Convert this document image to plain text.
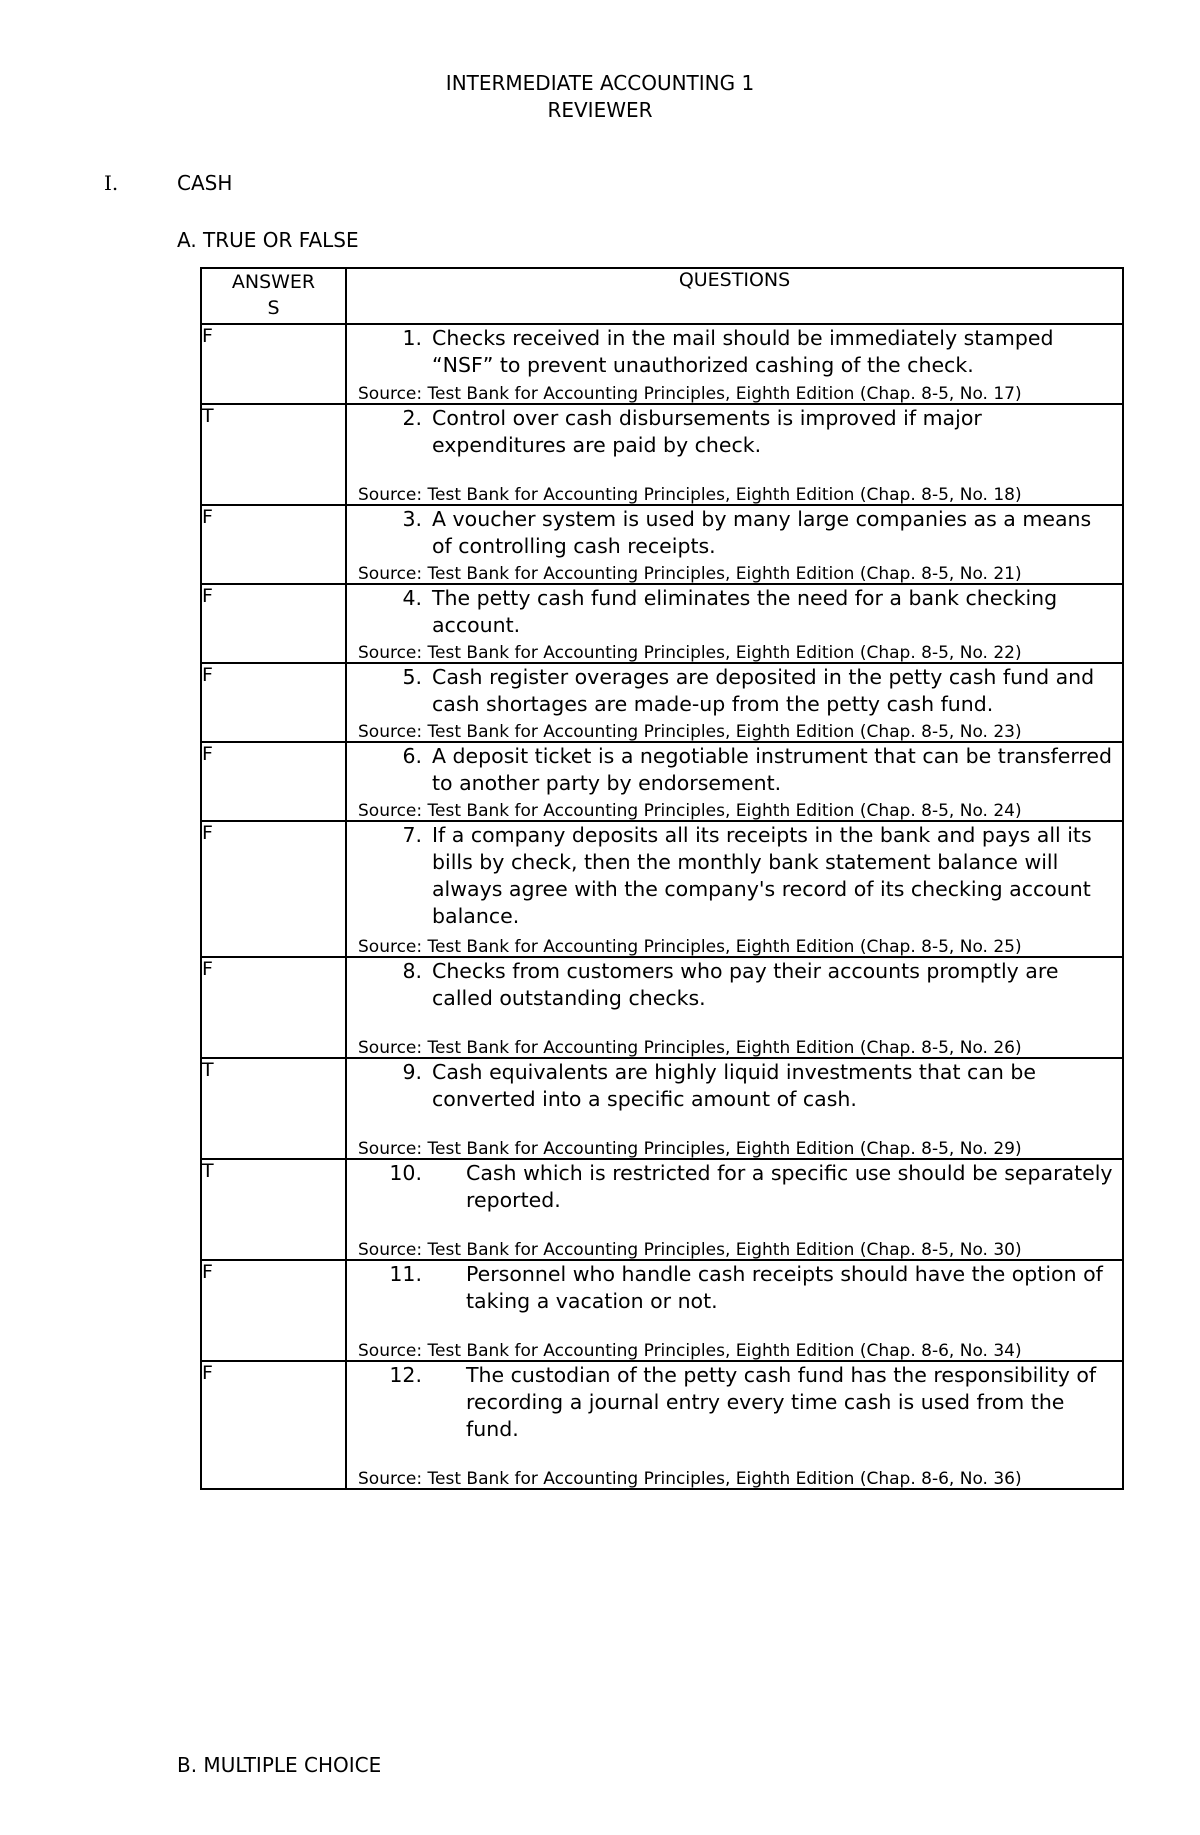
INTERMEDIATE ACCOUNTING 1
REVIEWER
I.	CASH
A. TRUE OR FALSE
ANSWER
S	QUESTIONS
F	1. Checks received in the mail should be immediately stamped “NSF” to prevent unauthorized cashing of the check.
Source: Test Bank for Accounting Principles, Eighth Edition (Chap. 8-5, No. 17)

T	2. Control over cash disbursements is improved if major expenditures are paid by check.
Source: Test Bank for Accounting Principles, Eighth Edition (Chap. 8-5, No. 18)

F	3. A voucher system is used by many large companies as a means of controlling cash receipts.
Source: Test Bank for Accounting Principles, Eighth Edition (Chap. 8-5, No. 21)

F	4. The petty cash fund eliminates the need for a bank checking account.
Source: Test Bank for Accounting Principles, Eighth Edition (Chap. 8-5, No. 22)

F	5. Cash register overages are deposited in the petty cash fund and cash shortages are made-up from the petty cash fund.
Source: Test Bank for Accounting Principles, Eighth Edition (Chap. 8-5, No. 23)

F	6. A deposit ticket is a negotiable instrument that can be transferred to another party by endorsement.
Source: Test Bank for Accounting Principles, Eighth Edition (Chap. 8-5, No. 24)

F	7. If a company deposits all its receipts in the bank and pays all its bills by check, then the monthly bank statement balance will always agree with the company's record of its checking account balance.
Source: Test Bank for Accounting Principles, Eighth Edition (Chap. 8-5, No. 25)

F	8. Checks from customers who pay their accounts promptly are called outstanding checks.
Source: Test Bank for Accounting Principles, Eighth Edition (Chap. 8-5, No. 26)

T	9. Cash equivalents are highly liquid investments that can be converted into a specific amount of cash.
Source: Test Bank for Accounting Principles, Eighth Edition (Chap. 8-5, No. 29)

T	10. Cash which is restricted for a specific use should be separately reported.
Source: Test Bank for Accounting Principles, Eighth Edition (Chap. 8-5, No. 30)

F	11. Personnel who handle cash receipts should have the option of taking a vacation or not.
Source: Test Bank for Accounting Principles, Eighth Edition (Chap. 8-6, No. 34)

F	12. The custodian of the petty cash fund has the responsibility of recording a journal entry every time cash is used from the fund.
Source: Test Bank for Accounting Principles, Eighth Edition (Chap. 8-6, No. 36)
B. MULTIPLE CHOICE
